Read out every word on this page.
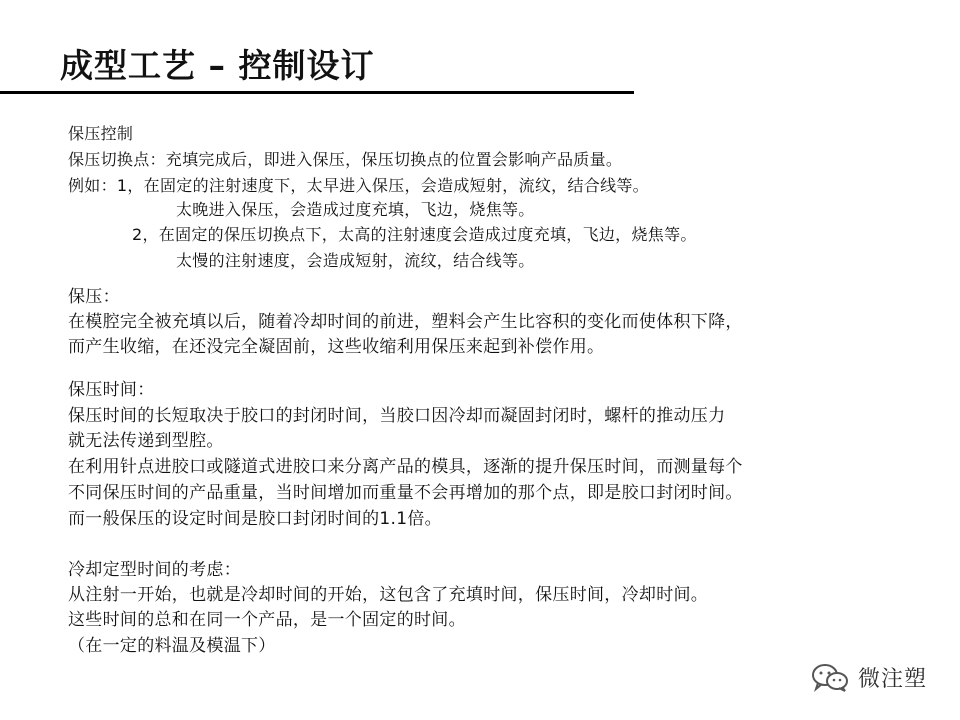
成型工艺 – 控制设订
保压控制
保压切换点：充填完成后，即进入保压，保压切换点的位置会影响产品质量。
例如：1，在固定的注射速度下，太早进入保压，会造成短射，流纹，结合线等。
太晚进入保压，会造成过度充填，飞边，烧焦等。
2，在固定的保压切换点下，太高的注射速度会造成过度充填，飞边，烧焦等。
太慢的注射速度，会造成短射，流纹，结合线等。
保压：
在模腔完全被充填以后，随着冷却时间的前进，塑料会产生比容积的变化而使体积下降，
而产生收缩，在还没完全凝固前，这些收缩利用保压来起到补偿作用。
保压时间：
保压时间的长短取决于胶口的封闭时间，当胶口因冷却而凝固封闭时，螺杆的推动压力
就无法传递到型腔。
在利用针点进胶口或隧道式进胶口来分离产品的模具，逐渐的提升保压时间，而测量每个
不同保压时间的产品重量，当时间增加而重量不会再增加的那个点，即是胶口封闭时间。
而一般保压的设定时间是胶口封闭时间的1.1倍。
冷却定型时间的考虑：
从注射一开始，也就是冷却时间的开始，这包含了充填时间，保压时间，冷却时间。
这些时间的总和在同一个产品，是一个固定的时间。
（在一定的料温及模温下）
微注塑
